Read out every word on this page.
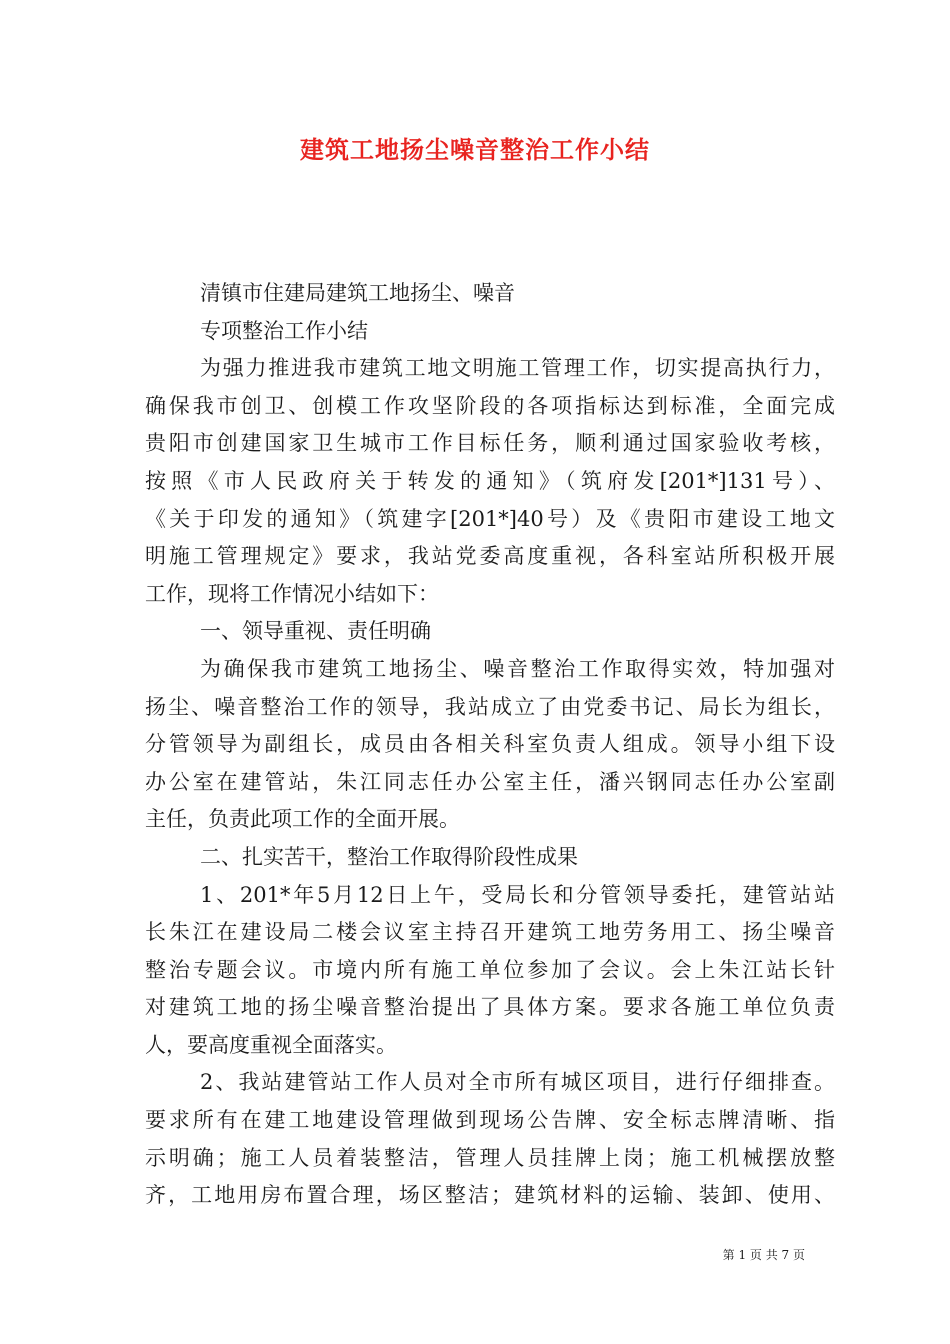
建筑工地扬尘噪音整治工作小结
清镇市住建局建筑工地扬尘、噪音
专项整治工作小结
为强力推进我市建筑工地文明施工管理工作，切实提高执行力，
确保我市创卫、创模工作攻坚阶段的各项指标达到标准，全面完成
贵阳市创建国家卫生城市工作目标任务，顺利通过国家验收考核，
按照《市人民政府关于转发的通知》（筑府发[201*]131号）、
《关于印发的通知》（筑建字[201*]40号）及《贵阳市建设工地文
明施工管理规定》要求，我站党委高度重视，各科室站所积极开展
工作，现将工作情况小结如下：
一、领导重视、责任明确
为确保我市建筑工地扬尘、噪音整治工作取得实效，特加强对
扬尘、噪音整治工作的领导，我站成立了由党委书记、局长为组长，
分管领导为副组长，成员由各相关科室负责人组成。领导小组下设
办公室在建管站，朱江同志任办公室主任，潘兴钢同志任办公室副
主任，负责此项工作的全面开展。
二、扎实苦干，整治工作取得阶段性成果
1、201*年5月12日上午，受局长和分管领导委托，建管站站
长朱江在建设局二楼会议室主持召开建筑工地劳务用工、扬尘噪音
整治专题会议。市境内所有施工单位参加了会议。会上朱江站长针
对建筑工地的扬尘噪音整治提出了具体方案。要求各施工单位负责
人，要高度重视全面落实。
2、我站建管站工作人员对全市所有城区项目，进行仔细排查。
要求所有在建工地建设管理做到现场公告牌、安全标志牌清晰、指
示明确；施工人员着装整洁，管理人员挂牌上岗；施工机械摆放整
齐，工地用房布置合理，场区整洁；建筑材料的运输、装卸、使用、
第 1 页 共 7 页
